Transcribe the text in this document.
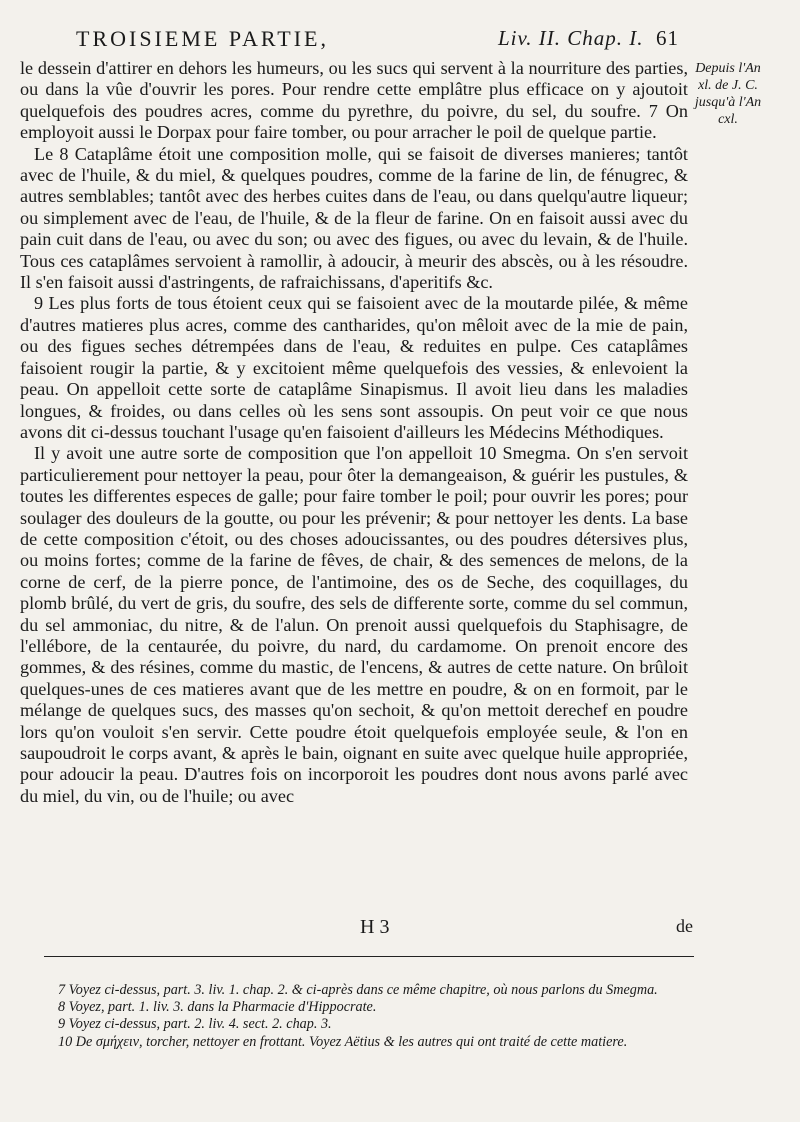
TROISIEME PARTIE,	Liv. II. Chap. I. 61

le dessein d'attirer en dehors les humeurs, ou les sucs qui servent à la nourriture des parties, ou dans la vûe d'ouvrir les pores. Pour rendre cette emplâtre plus efficace on y ajoutoit quelquefois des poudres acres, comme du pyrethre, du poivre, du sel, du soufre. 7 On employoit aussi le Dorpax pour faire tomber, ou pour arracher le poil de quelque partie.

Le 8 Cataplâme étoit une composition molle, qui se faisoit de diverses manieres; tantôt avec de l'huile, & du miel, & quelques poudres, comme de la farine de lin, de fénugrec, & autres semblables; tantôt avec des herbes cuites dans de l'eau, ou dans quelqu'autre liqueur; ou simplement avec de l'eau, de l'huile, & de la fleur de farine. On en faisoit aussi avec du pain cuit dans de l'eau, ou avec du son; ou avec des figues, ou avec du levain, & de l'huile. Tous ces cataplâmes servoient à ramollir, à adoucir, à meurir des abscès, ou à les résoudre. Il s'en faisoit aussi d'astringents, de rafraichissans, d'aperitifs &c.

9 Les plus forts de tous étoient ceux qui se faisoient avec de la moutarde pilée, & même d'autres matieres plus acres, comme des cantharides, qu'on mêloit avec de la mie de pain, ou des figues seches détrempées dans de l'eau, & reduites en pulpe. Ces cataplâmes faisoient rougir la partie, & y excitoient même quelquefois des vessies, & enlevoient la peau. On appelloit cette sorte de cataplâme Sinapismus. Il avoit lieu dans les maladies longues, & froides, ou dans celles où les sens sont assoupis. On peut voir ce que nous avons dit ci-dessus touchant l'usage qu'en faisoient d'ailleurs les Médecins Méthodiques.

Il y avoit une autre sorte de composition que l'on appelloit 10 Smegma. On s'en servoit particulierement pour nettoyer la peau, pour ôter la demangeaison, & guérir les pustules, & toutes les differentes especes de galle; pour faire tomber le poil; pour ouvrir les pores; pour soulager des douleurs de la goutte, ou pour les prévenir; & pour nettoyer les dents. La base de cette composition c'étoit, ou des choses adoucissantes, ou des poudres détersives plus, ou moins fortes; comme de la farine de fêves, de chair, & des semences de melons, de la corne de cerf, de la pierre ponce, de l'antimoine, des os de Seche, des coquillages, du plomb brûlé, du vert de gris, du soufre, des sels de differente sorte, comme du sel commun, du sel ammoniac, du nitre, & de l'alun. On prenoit aussi quelquefois du Staphisagre, de l'ellébore, de la centaurée, du poivre, du nard, du cardamome. On prenoit encore des gommes, & des résines, comme du mastic, de l'encens, & autres de cette nature. On brûloit quelques-unes de ces matieres avant que de les mettre en poudre, & on en formoit, par le mélange de quelques sucs, des masses qu'on sechoit, & qu'on mettoit derechef en poudre lors qu'on vouloit s'en servir. Cette poudre étoit quelquefois employée seule, & l'on en saupoudroit le corps avant, & après le bain, oignant en suite avec quelque huile appropriée, pour adoucir la peau. D'autres fois on incorporoit les poudres dont nous avons parlé avec du miel, du vin, ou de l'huile; ou avec

Depuis l'An xl. de J. C. jusqu'à l'An cxl.
H 3	de

7 Voyez ci-dessus, part. 3. liv. 1. chap. 2. & ci-après dans ce même chapitre, où nous parlons du Smegma.

8 Voyez, part. 1. liv. 3. dans la Pharmacie d'Hippocrate.

9 Voyez ci-dessus, part. 2. liv. 4. sect. 2. chap. 3.

10 De σμήχειν, torcher, nettoyer en frottant. Voyez Aëtius & les autres qui ont traité de cette matiere.
